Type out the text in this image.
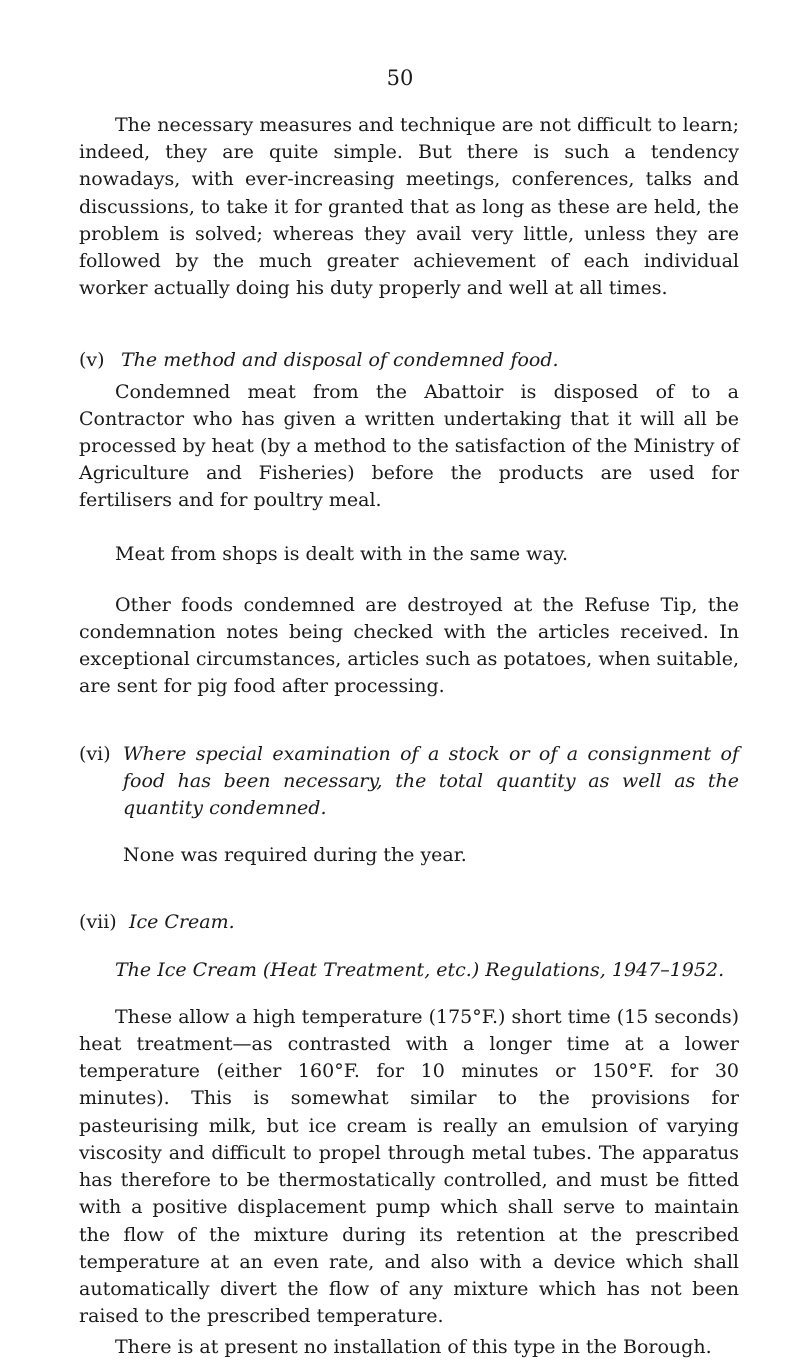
50

The necessary measures and technique are not difficult to learn; indeed, they are quite simple. But there is such a tendency nowadays, with ever-increasing meetings, conferences, talks and discussions, to take it for granted that as long as these are held, the problem is solved; whereas they avail very little, unless they are followed by the much greater achievement of each individual worker actually doing his duty properly and well at all times.

(v) The method and disposal of condemned food.

Condemned meat from the Abattoir is disposed of to a Contractor who has given a written undertaking that it will all be processed by heat (by a method to the satisfaction of the Ministry of Agriculture and Fisheries) before the products are used for fertilisers and for poultry meal.

Meat from shops is dealt with in the same way.

Other foods condemned are destroyed at the Refuse Tip, the condemnation notes being checked with the articles received. In exceptional circumstances, articles such as potatoes, when suitable, are sent for pig food after processing.

(vi) Where special examination of a stock or of a consignment of food has been necessary, the total quantity as well as the quantity condemned.

None was required during the year.

(vii) Ice Cream.

The Ice Cream (Heat Treatment, etc.) Regulations, 1947–1952.

These allow a high temperature (175°F.) short time (15 seconds) heat treatment—as contrasted with a longer time at a lower temperature (either 160°F. for 10 minutes or 150°F. for 30 minutes). This is somewhat similar to the provisions for pasteurising milk, but ice cream is really an emulsion of varying viscosity and difficult to propel through metal tubes. The apparatus has therefore to be thermostatically controlled, and must be fitted with a positive displacement pump which shall serve to maintain the flow of the mixture during its retention at the prescribed temperature at an even rate, and also with a device which shall automatically divert the flow of any mixture which has not been raised to the prescribed temperature.

There is at present no installation of this type in the Borough.
